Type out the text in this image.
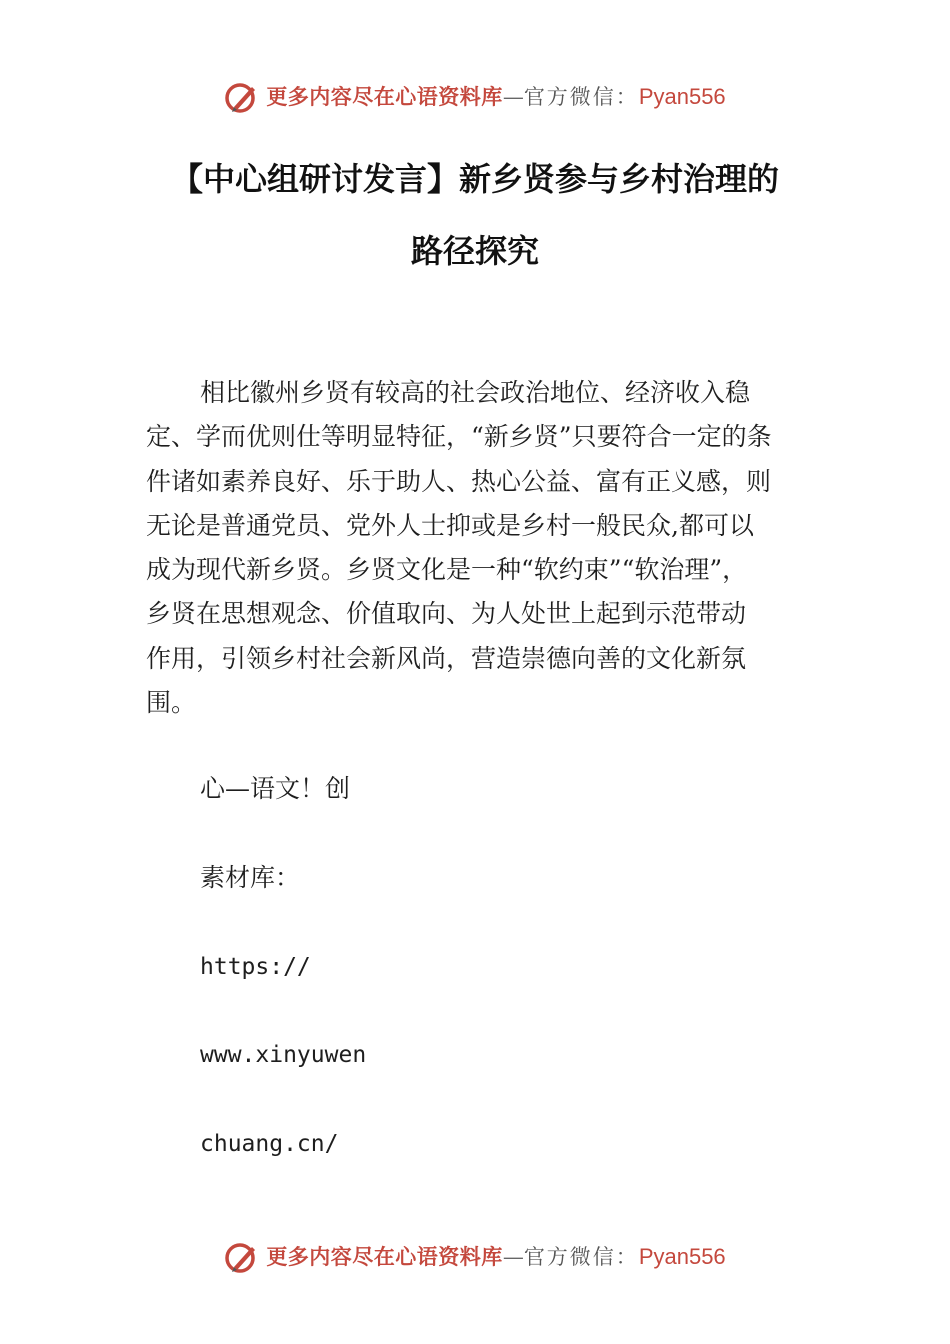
更多内容尽在心语资料库 — 官方微信： Pyan556
【中心组研讨发言】新乡贤参与乡村治理的
路径探究
相比徽州乡贤有较高的社会政治地位、经济收入稳
定、学而优则仕等明显特征，“新乡贤”只要符合一定的条
件诸如素养良好、乐于助人、热心公益、富有正义感，则
无论是普通党员、党外人士抑或是乡村一般民众,都可以
成为现代新乡贤。乡贤文化是一种“软约束”“软治理”，
乡贤在思想观念、价值取向、为人处世上起到示范带动
作用，引领乡村社会新风尚，营造崇德向善的文化新氛
围。
心—语文！创
素材库：
https://
www.xinyuwen
chuang.cn/
更多内容尽在心语资料库 — 官方微信： Pyan556
